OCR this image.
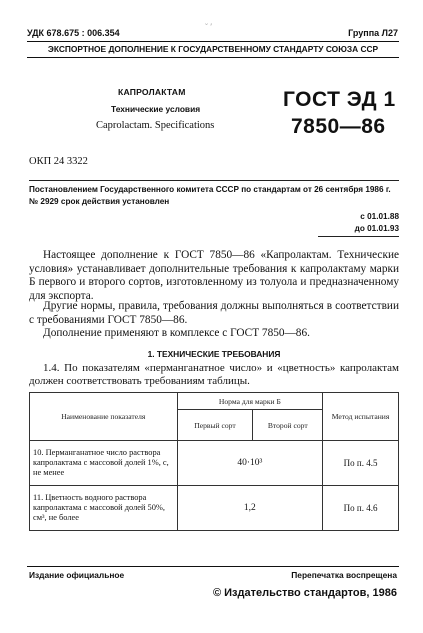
УДК 678.675 : 006.354
˘ ′
Группа Л27
ЭКСПОРТНОЕ ДОПОЛНЕНИЕ К ГОСУДАРСТВЕННОМУ СТАНДАРТУ СОЮЗА ССР
КАПРОЛАКТАМ
Технические условия
Caprolactam. Specifications
ГОСТ ЭД 1
7850—86
ОКП 24 3322
Постановлением Государственного комитета СССР по стандартам от 26 сентября 1986 г. № 2929 срок действия установлен
с 01.01.88
до 01.01.93
Настоящее дополнение к ГОСТ 7850—86 «Капролактам. Технические условия» устанавливает дополнительные требования к капролактаму марки Б первого и второго сортов, изготовленному из толуола и предназначенному для экспорта.
Другие нормы, правила, требования должны выполняться в соответствии с требованиями ГОСТ 7850—86.
Дополнение применяют в комплексе с ГОСТ 7850—86.
1. ТЕХНИЧЕСКИЕ ТРЕБОВАНИЯ
1.4. По показателям «перманганатное число» и «цветность» капролактам должен соответствовать требованиям таблицы.
Наименование показателя	Норма для марки Б		Метод испытания
	Первый сорт	Второй сорт	
10. Перманганатное число раствора капролактама с массовой долей 1%, с, не менее	40·10³		По п. 4.5
11. Цветность водного раствора капролактама с массовой долей 50%, см³, не более	1,2		По п. 4.6
Издание официальное	Перепечатка воспрещена
© Издательство стандартов, 1986
